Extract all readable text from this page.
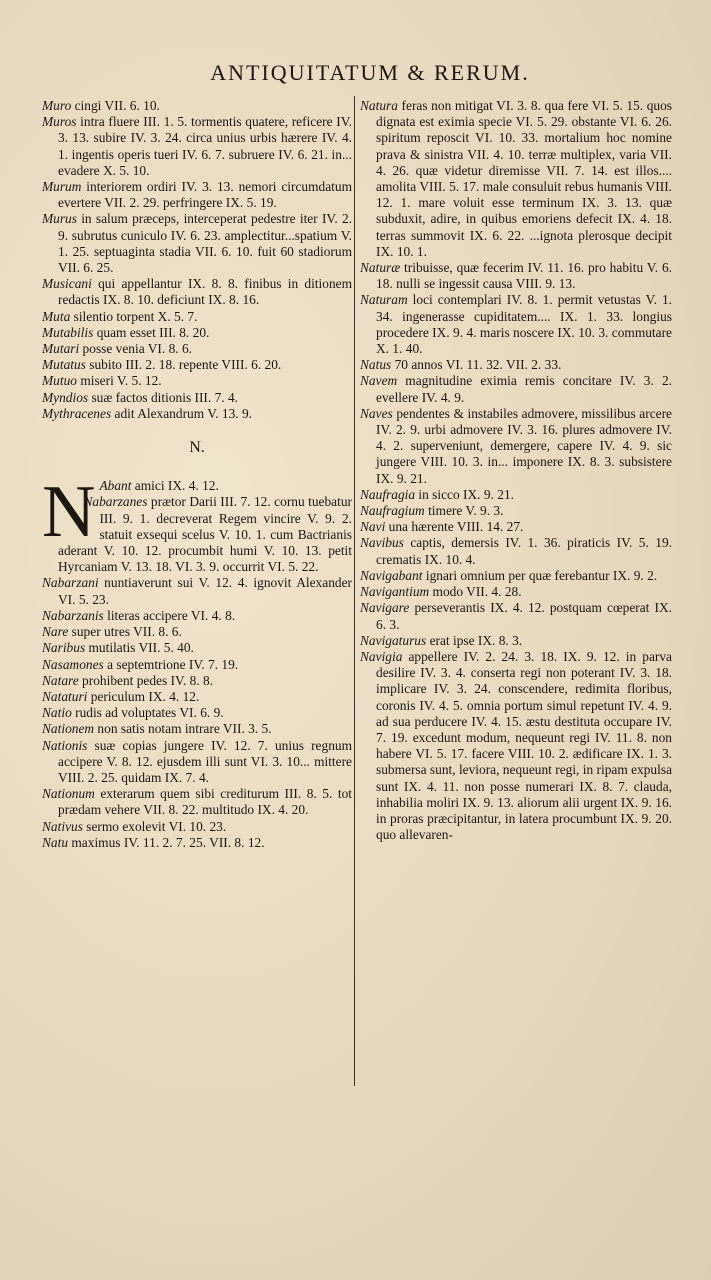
ANTIQUITATUM & RERUM.

Muro cingi VII. 6. 10.

Muros intra fluere III. 1. 5. tormentis quatere, reficere IV. 3. 13. subire IV. 3. 24. circa unius urbis hærere IV. 4. 1. ingentis operis tueri IV. 6. 7. subruere IV. 6. 21. in... evadere X. 5. 10.

Murum interiorem ordiri IV. 3. 13. nemori circumdatum evertere VII. 2. 29. perfringere IX. 5. 19.

Murus in salum præceps, interceperat pedestre iter IV. 2. 9. subrutus cuniculo IV. 6. 23. amplectitur...spatium V. 1. 25. septuaginta stadia VII. 6. 10. fuit 60 stadiorum VII. 6. 25.

Musicani qui appellantur IX. 8. 8. finibus in ditionem redactis IX. 8. 10. deficiunt IX. 8. 16.

Muta silentio torpent X. 5. 7.

Mutabilis quam esset III. 8. 20.

Mutari posse venia VI. 8. 6.

Mutatus subito III. 2. 18. repente VIII. 6. 20.

Mutuo miseri V. 5. 12.

Myndios suæ factos ditionis III. 7. 4.

Mythracenes adit Alexandrum V. 13. 9.

N.

N Abant amici IX. 4. 12.

Nabarzanes prætor Darii III. 7. 12. cornu tuebatur III. 9. 1. decreverat Regem vincire V. 9. 2. statuit exsequi scelus V. 10. 1. cum Bactrianis aderant V. 10. 12. procumbit humi V. 10. 13. petit Hyrcaniam V. 13. 18. VI. 3. 9. occurrit VI. 5. 22.

Nabarzani nuntiaverunt sui V. 12. 4. ignovit Alexander VI. 5. 23.

Nabarzanis literas accipere VI. 4. 8.

Nare super utres VII. 8. 6.

Naribus mutilatis VII. 5. 40.

Nasamones a septemtrione IV. 7. 19.

Natare prohibent pedes IV. 8. 8.

Nataturi periculum IX. 4. 12.

Natio rudis ad voluptates VI. 6. 9.

Nationem non satis notam intrare VII. 3. 5.

Nationis suæ copias jungere IV. 12. 7. unius regnum accipere V. 8. 12. ejusdem illi sunt VI. 3. 10... mittere VIII. 2. 25. quidam IX. 7. 4.

Nationum exterarum quem sibi crediturum III. 8. 5. tot prædam vehere VII. 8. 22. multitudo IX. 4. 20.

Nativus sermo exolevit VI. 10. 23.

Natu maximus IV. 11. 2. 7. 25. VII. 8. 12.

Natura feras non mitigat VI. 3. 8. qua fere VI. 5. 15. quos dignata est eximia specie VI. 5. 29. obstante VI. 6. 26. spiritum reposcit VI. 10. 33. mortalium hoc nomine prava & sinistra VII. 4. 10. terræ multiplex, varia VII. 4. 26. quæ videtur diremisse VII. 7. 14. est illos.... amolita VIII. 5. 17. male consuluit rebus humanis VIII. 12. 1. mare voluit esse terminum IX. 3. 13. quæ subduxit, adire, in quibus emoriens defecit IX. 4. 18. terras summovit IX. 6. 22. ...ignota plerosque decipit IX. 10. 1.

Naturæ tribuisse, quæ fecerim IV. 11. 16. pro habitu V. 6. 18. nulli se ingessit causa VIII. 9. 13.

Naturam loci contemplari IV. 8. 1. permit vetustas V. 1. 34. ingenerasse cupiditatem.... IX. 1. 33. longius procedere IX. 9. 4. maris noscere IX. 10. 3. commutare X. 1. 40.

Natus 70 annos VI. 11. 32. VII. 2. 33.

Navem magnitudine eximia remis concitare IV. 3. 2. evellere IV. 4. 9.

Naves pendentes & instabiles admovere, missilibus arcere IV. 2. 9. urbi admovere IV. 3. 16. plures admovere IV. 4. 2. superveniunt, demergere, capere IV. 4. 9. sic jungere VIII. 10. 3. in... imponere IX. 8. 3. subsistere IX. 9. 21.

Naufragia in sicco IX. 9. 21.

Naufragium timere V. 9. 3.

Navi una hærente VIII. 14. 27.

Navibus captis, demersis IV. 1. 36. piraticis IV. 5. 19. crematis IX. 10. 4.

Navigabant ignari omnium per quæ ferebantur IX. 9. 2.

Navigantium modo VII. 4. 28.

Navigare perseverantis IX. 4. 12. postquam cœperat IX. 6. 3.

Navigaturus erat ipse IX. 8. 3.

Navigia appellere IV. 2. 24. 3. 18. IX. 9. 12. in parva desilire IV. 3. 4. conserta regi non poterant IV. 3. 18. implicare IV. 3. 24. conscendere, redimita floribus, coronis IV. 4. 5. omnia portum simul repetunt IV. 4. 9. ad sua perducere IV. 4. 15. æstu destituta occupare IV. 7. 19. excedunt modum, nequeunt regi IV. 11. 8. non habere VI. 5. 17. facere VIII. 10. 2. ædificare IX. 1. 3. submersa sunt, leviora, nequeunt regi, in ripam expulsa sunt IX. 4. 11. non posse numerari IX. 8. 7. clauda, inhabilia moliri IX. 9. 13. aliorum alii urgent IX. 9. 16. in proras præcipitantur, in latera procumbunt IX. 9. 20. quo allevaren-
